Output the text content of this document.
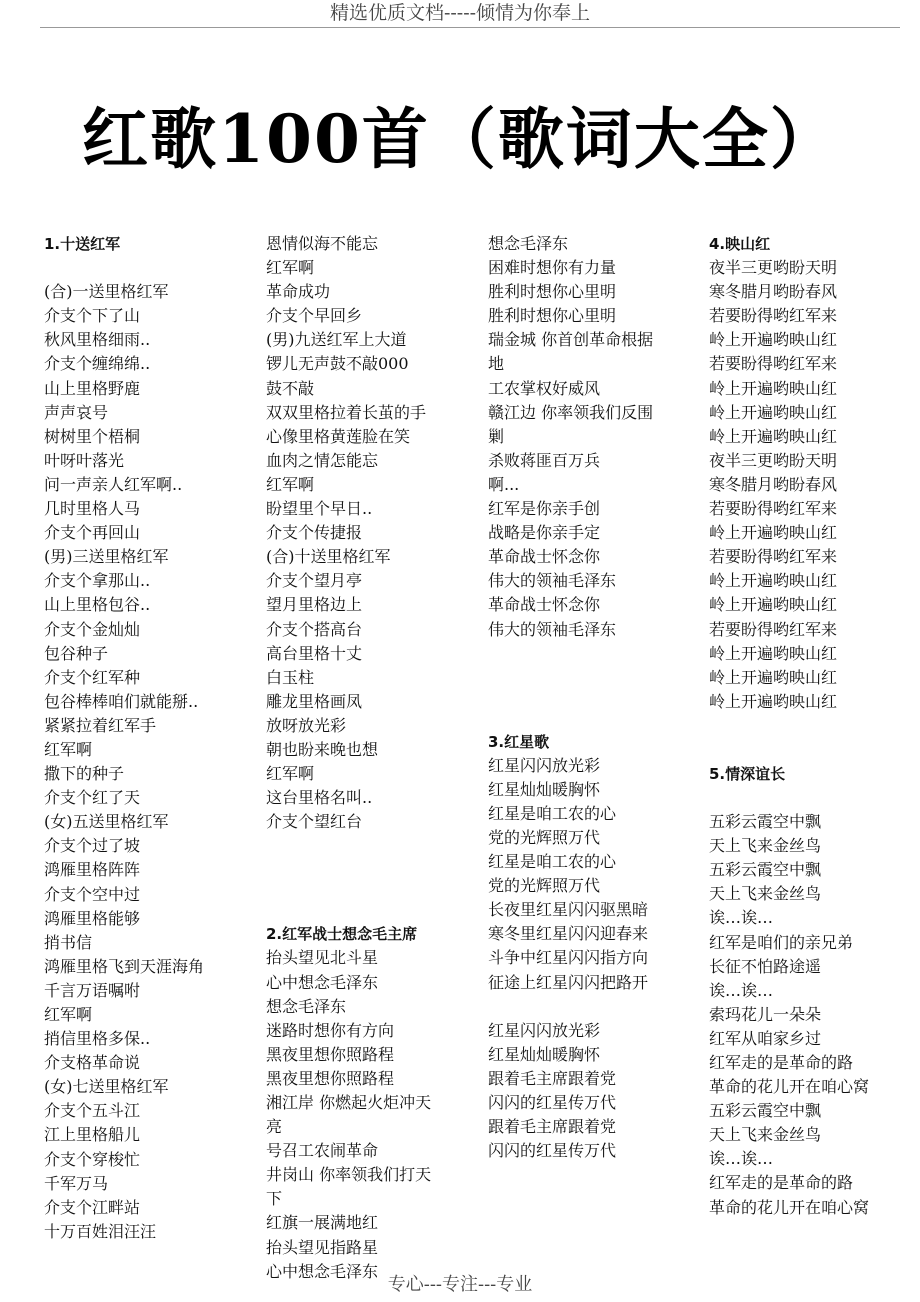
精选优质文档-----倾情为你奉上
红歌100首（歌词大全）
1.十送红军
(合)一送里格红军
介支个下了山
秋风里格细雨..
介支个缠绵绵..
山上里格野鹿
声声哀号
树树里个梧桐
叶呀叶落光
问一声亲人红军啊..
几时里格人马
介支个再回山
(男)三送里格红军
介支个拿那山..
山上里格包谷..
介支个金灿灿
包谷种子
介支个红军种
包谷棒棒咱们就能掰..
紧紧拉着红军手
红军啊
撒下的种子
介支个红了天
(女)五送里格红军
介支个过了坡
鸿雁里格阵阵
介支个空中过
鸿雁里格能够
捎书信
鸿雁里格飞到天涯海角
千言万语嘱咐
红军啊
捎信里格多保..
介支格革命说
(女)七送里格红军
介支个五斗江
江上里格船儿
介支个穿梭忙
千军万马
介支个江畔站
十万百姓泪汪汪
恩情似海不能忘
红军啊
革命成功
介支个早回乡
(男)九送红军上大道
锣儿无声鼓不敲000
鼓不敲
双双里格拉着长茧的手
心像里格黄莲脸在笑
血肉之情怎能忘
红军啊
盼望里个早日..
介支个传捷报
(合)十送里格红军
介支个望月亭
望月里格边上
介支个搭高台
高台里格十丈
白玉柱
雕龙里格画凤
放呀放光彩
朝也盼来晚也想
红军啊
这台里格名叫..
介支个望红台
2.红军战士想念毛主席
抬头望见北斗星
心中想念毛泽东
想念毛泽东
迷路时想你有方向
黑夜里想你照路程
黑夜里想你照路程
湘江岸 你燃起火炬冲天
亮
号召工农闹革命
井岗山 你率领我们打天
下
红旗一展满地红
抬头望见指路星
心中想念毛泽东
想念毛泽东
困难时想你有力量
胜利时想你心里明
胜利时想你心里明
瑞金城 你首创革命根据
地
工农掌权好威风
赣江边 你率领我们反围
剿
杀败蒋匪百万兵
啊...
红军是你亲手创
战略是你亲手定
革命战士怀念你
伟大的领袖毛泽东
革命战士怀念你
伟大的领袖毛泽东
3.红星歌
红星闪闪放光彩
红星灿灿暖胸怀
红星是咱工农的心
党的光辉照万代
红星是咱工农的心
党的光辉照万代
长夜里红星闪闪驱黑暗
寒冬里红星闪闪迎春来
斗争中红星闪闪指方向
征途上红星闪闪把路开
红星闪闪放光彩
红星灿灿暖胸怀
跟着毛主席跟着党
闪闪的红星传万代
跟着毛主席跟着党
闪闪的红星传万代
4.映山红
夜半三更哟盼天明
寒冬腊月哟盼春风
若要盼得哟红军来
岭上开遍哟映山红
若要盼得哟红军来
岭上开遍哟映山红
岭上开遍哟映山红
岭上开遍哟映山红
夜半三更哟盼天明
寒冬腊月哟盼春风
若要盼得哟红军来
岭上开遍哟映山红
若要盼得哟红军来
岭上开遍哟映山红
岭上开遍哟映山红
若要盼得哟红军来
岭上开遍哟映山红
岭上开遍哟映山红
岭上开遍哟映山红
5.情深谊长
五彩云霞空中飘
天上飞来金丝鸟
五彩云霞空中飘
天上飞来金丝鸟
诶…诶…
红军是咱们的亲兄弟
长征不怕路途遥
诶…诶…
索玛花儿一朵朵
红军从咱家乡过
红军走的是革命的路
革命的花儿开在咱心窝
五彩云霞空中飘
天上飞来金丝鸟
诶…诶…
红军走的是革命的路
革命的花儿开在咱心窝
专心---专注---专业
